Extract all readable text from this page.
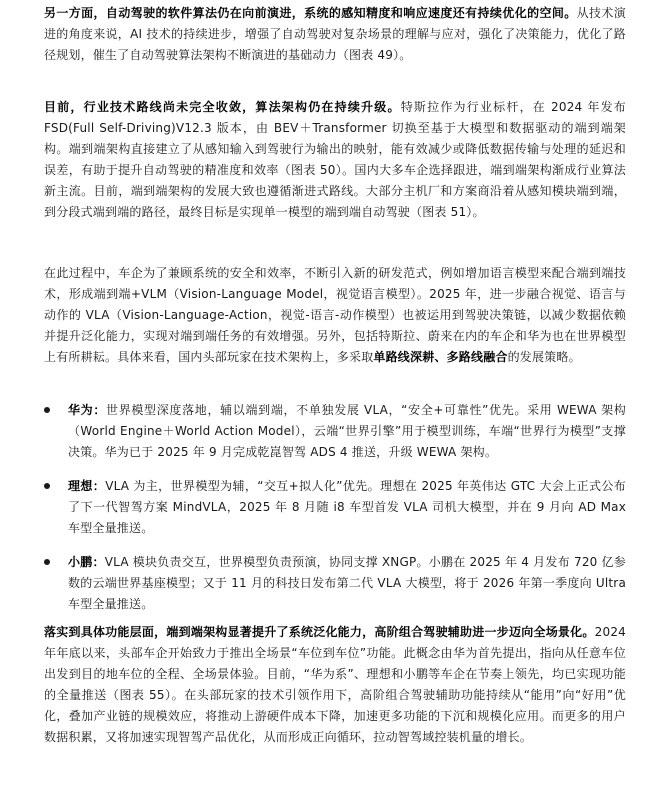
另一方面，自动驾驶的软件算法仍在向前演进，系统的感知精度和响应速度还有持续优化的空间。从技术演进的角度来说，AI 技术的持续进步，增强了自动驾驶对复杂场景的理解与应对，强化了决策能力，优化了路径规划，催生了自动驾驶算法架构不断演进的基础动力（图表 49）。

目前，行业技术路线尚未完全收敛，算法架构仍在持续升级。特斯拉作为行业标杆，在 2024 年发布 FSD(Full Self-Driving)V12.3 版本，由 BEV＋Transformer 切换至基于大模型和数据驱动的端到端架构。端到端架构直接建立了从感知输入到驾驶行为输出的映射，能有效减少或降低数据传输与处理的延迟和误差，有助于提升自动驾驶的精准度和效率（图表 50）。国内大多车企选择跟进，端到端架构渐成行业算法新主流。目前，端到端架构的发展大致也遵循渐进式路线。大部分主机厂和方案商沿着从感知模块端到端，到分段式端到端的路径，最终目标是实现单一模型的端到端自动驾驶（图表 51）。

在此过程中，车企为了兼顾系统的安全和效率，不断引入新的研发范式，例如增加语言模型来配合端到端技术，形成端到端+VLM（Vision-Language Model，视觉语言模型）。2025 年，进一步融合视觉、语言与动作的 VLA（Vision-Language-Action，视觉-语言-动作模型）也被运用到驾驶决策链，以减少数据依赖并提升泛化能力，实现对端到端任务的有效增强。另外，包括特斯拉、蔚来在内的车企和华为也在世界模型上有所耕耘。具体来看，国内头部玩家在技术架构上，多采取单路线深耕、多路线融合的发展策略。

华为：世界模型深度落地，辅以端到端，不单独发展 VLA，“安全+可靠性”优先。采用 WEWA 架构（World Engine＋World Action Model），云端“世界引擎”用于模型训练，车端“世界行为模型”支撑决策。华为已于 2025 年 9 月完成乾崑智驾 ADS 4 推送，升级 WEWA 架构。

理想：VLA 为主，世界模型为辅，“交互+拟人化”优先。理想在 2025 年英伟达 GTC 大会上正式公布了下一代智驾方案 MindVLA，2025 年 8 月随 i8 车型首发 VLA 司机大模型，并在 9 月向 AD Max 车型全量推送。

小鹏：VLA 模块负责交互，世界模型负责预演，协同支撑 XNGP。小鹏在 2025 年 4 月发布 720 亿参数的云端世界基座模型；又于 11 月的科技日发布第二代 VLA 大模型，将于 2026 年第一季度向 Ultra 车型全量推送。

落实到具体功能层面，端到端架构显著提升了系统泛化能力，高阶组合驾驶辅助进一步迈向全场景化。2024 年年底以来，头部车企开始致力于推出全场景“车位到车位”功能。此概念由华为首先提出，指向从任意车位出发到目的地车位的全程、全场景体验。目前，“华为系”、理想和小鹏等车企在节奏上领先，均已实现功能的全量推送（图表 55）。在头部玩家的技术引领作用下，高阶组合驾驶辅助功能持续从“能用”向“好用”优化，叠加产业链的规模效应，将推动上游硬件成本下降，加速更多功能的下沉和规模化应用。而更多的用户数据积累，又将加速实现智驾产品优化，从而形成正向循环，拉动智驾域控装机量的增长。
